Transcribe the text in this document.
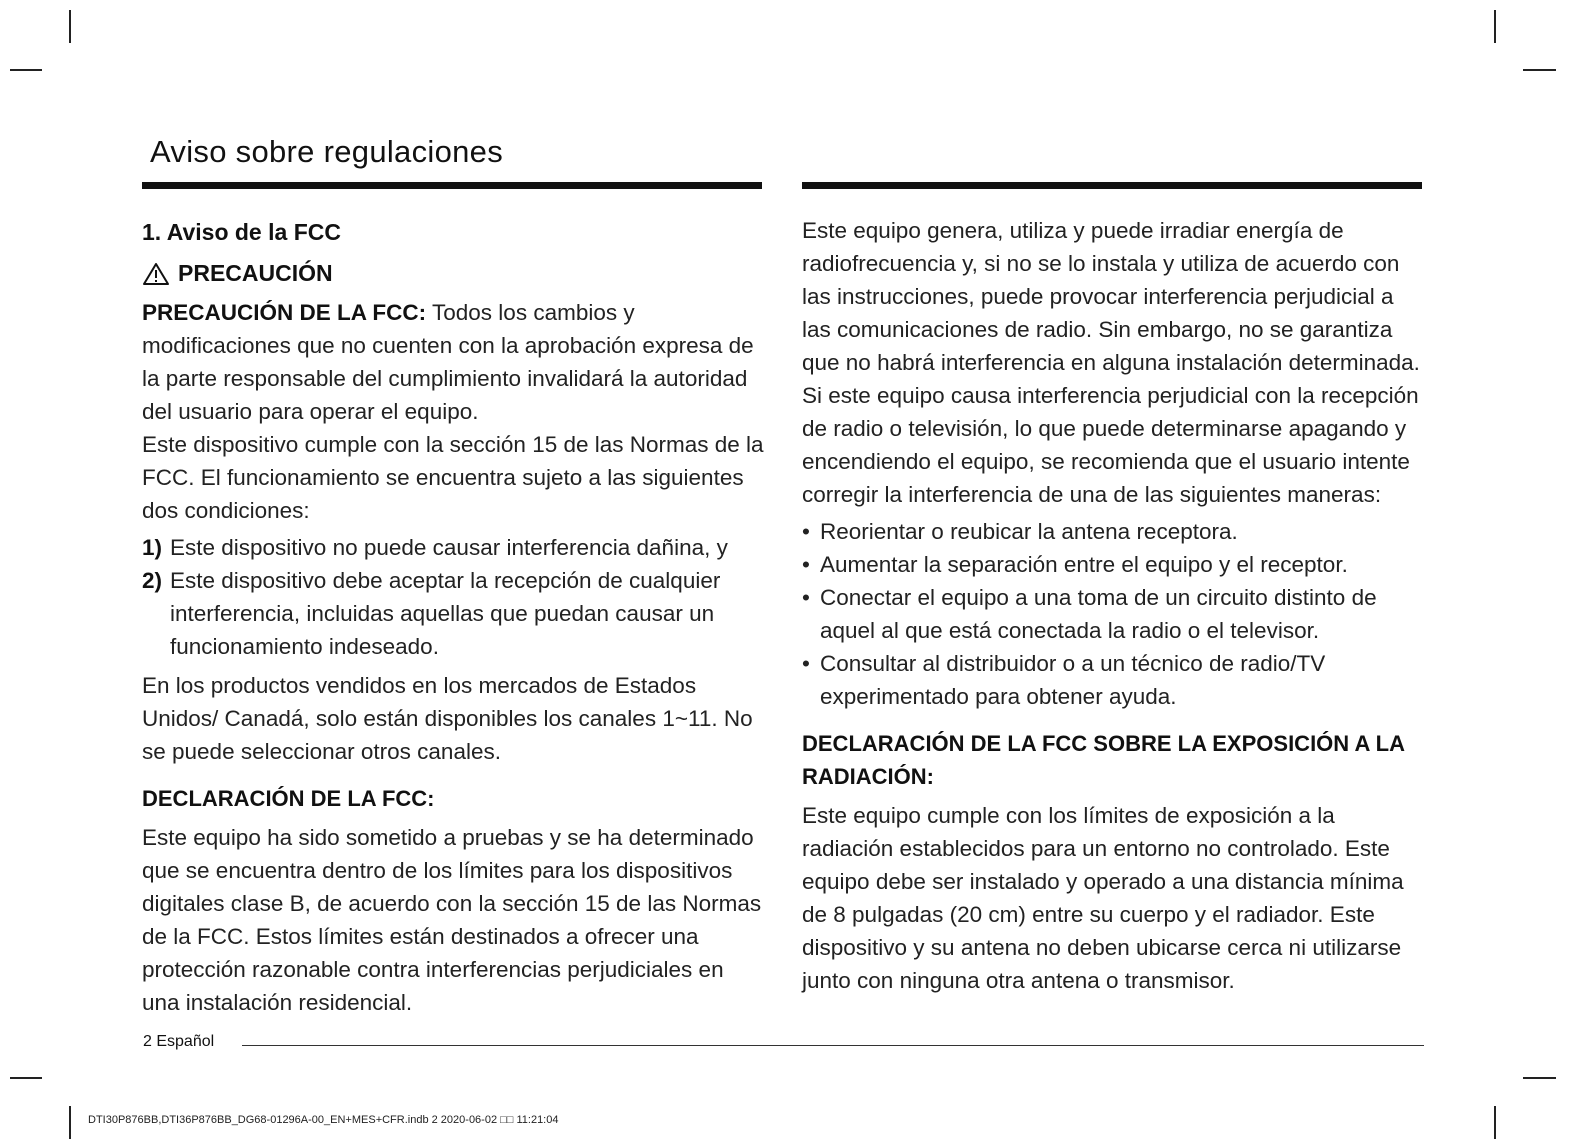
Aviso sobre regulaciones

1. Aviso de la FCC

PRECAUCIÓN

PRECAUCIÓN DE LA FCC: Todos los cambios y modificaciones que no cuenten con la aprobación expresa de la parte responsable del cumplimiento invalidará la autoridad del usuario para operar el equipo.

Este dispositivo cumple con la sección 15 de las Normas de la FCC. El funcionamiento se encuentra sujeto a las siguientes dos condiciones:

1) Este dispositivo no puede causar interferencia dañina, y
2) Este dispositivo debe aceptar la recepción de cualquier interferencia, incluidas aquellas que puedan causar un funcionamiento indeseado.

En los productos vendidos en los mercados de Estados Unidos/ Canadá, solo están disponibles los canales 1~11. No se puede seleccionar otros canales.

DECLARACIÓN DE LA FCC:

Este equipo ha sido sometido a pruebas y se ha determinado que se encuentra dentro de los límites para los dispositivos digitales clase B, de acuerdo con la sección 15 de las Normas de la FCC. Estos límites están destinados a ofrecer una protección razonable contra interferencias perjudiciales en una instalación residencial.

Este equipo genera, utiliza y puede irradiar energía de radiofrecuencia y, si no se lo instala y utiliza de acuerdo con las instrucciones, puede provocar interferencia perjudicial a las comunicaciones de radio. Sin embargo, no se garantiza que no habrá interferencia en alguna instalación determinada. Si este equipo causa interferencia perjudicial con la recepción de radio o televisión, lo que puede determinarse apagando y encendiendo el equipo, se recomienda que el usuario intente corregir la interferencia de una de las siguientes maneras:

• Reorientar o reubicar la antena receptora.
• Aumentar la separación entre el equipo y el receptor.
• Conectar el equipo a una toma de un circuito distinto de aquel al que está conectada la radio o el televisor.
• Consultar al distribuidor o a un técnico de radio/TV experimentado para obtener ayuda.

DECLARACIÓN DE LA FCC SOBRE LA EXPOSICIÓN A LA RADIACIÓN:

Este equipo cumple con los límites de exposición a la radiación establecidos para un entorno no controlado. Este equipo debe ser instalado y operado a una distancia mínima de 8 pulgadas (20 cm) entre su cuerpo y el radiador. Este dispositivo y su antena no deben ubicarse cerca ni utilizarse junto con ninguna otra antena o transmisor.

2 Español
DTI30P876BB,DTI36P876BB_DG68-01296A-00_EN+MES+CFR.indb 2 2020-06-02 □□ 11:21:04
